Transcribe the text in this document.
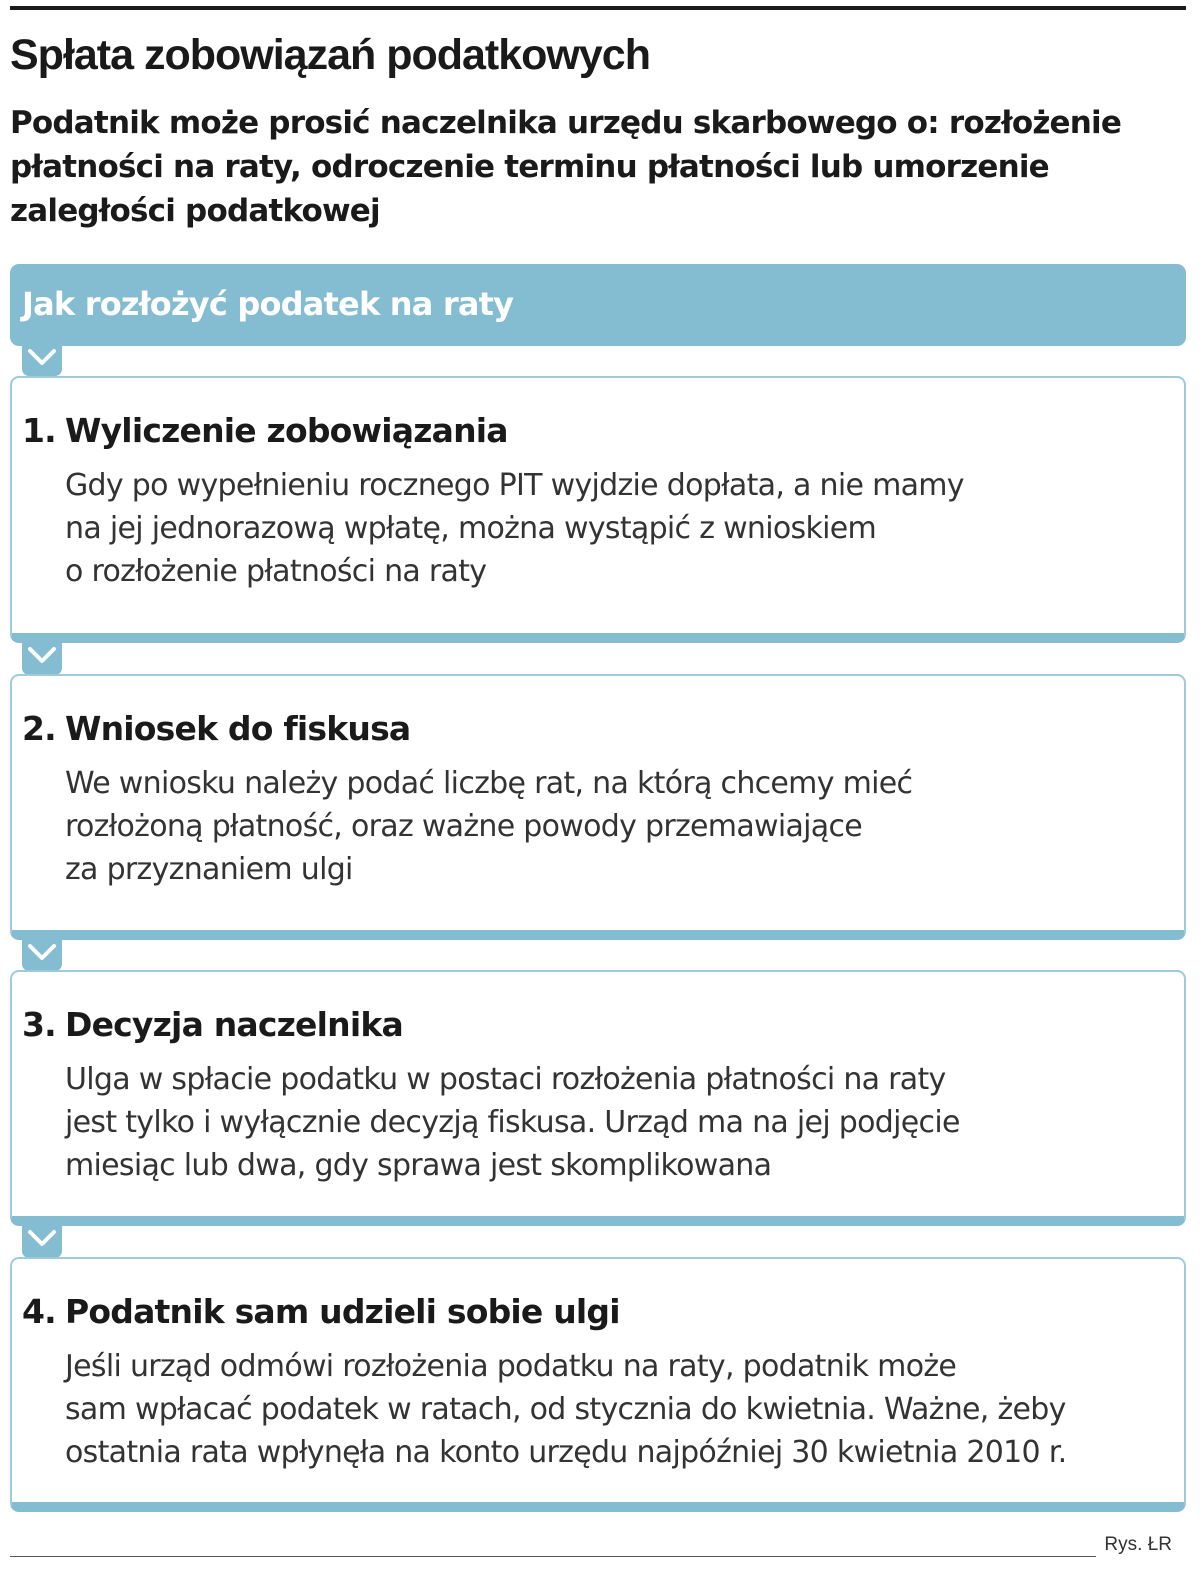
Spłata zobowiązań podatkowych

Podatnik może prosić naczelnika urzędu skarbowego o: rozłożenie płatności na raty, odroczenie terminu płatności lub umorzenie zaległości podatkowej

Jak rozłożyć podatek na raty
1. Wyliczenie zobowiązania

Gdy po wypełnieniu rocznego PIT wyjdzie dopłata, a nie mamy
na jej jednorazową wpłatę, można wystąpić z wnioskiem
o rozłożenie płatności na raty

2. Wniosek do fiskusa

We wniosku należy podać liczbę rat, na którą chcemy mieć
rozłożoną płatność, oraz ważne powody przemawiające
za przyznaniem ulgi

3. Decyzja naczelnika

Ulga w spłacie podatku w postaci rozłożenia płatności na raty
jest tylko i wyłącznie decyzją fiskusa. Urząd ma na jej podjęcie
miesiąc lub dwa, gdy sprawa jest skomplikowana

4. Podatnik sam udzieli sobie ulgi

Jeśli urząd odmówi rozłożenia podatku na raty, podatnik może
sam wpłacać podatek w ratach, od stycznia do kwietnia. Ważne, żeby
ostatnia rata wpłynęła na konto urzędu najpóźniej 30 kwietnia 2010 r.

Rys. ŁR
